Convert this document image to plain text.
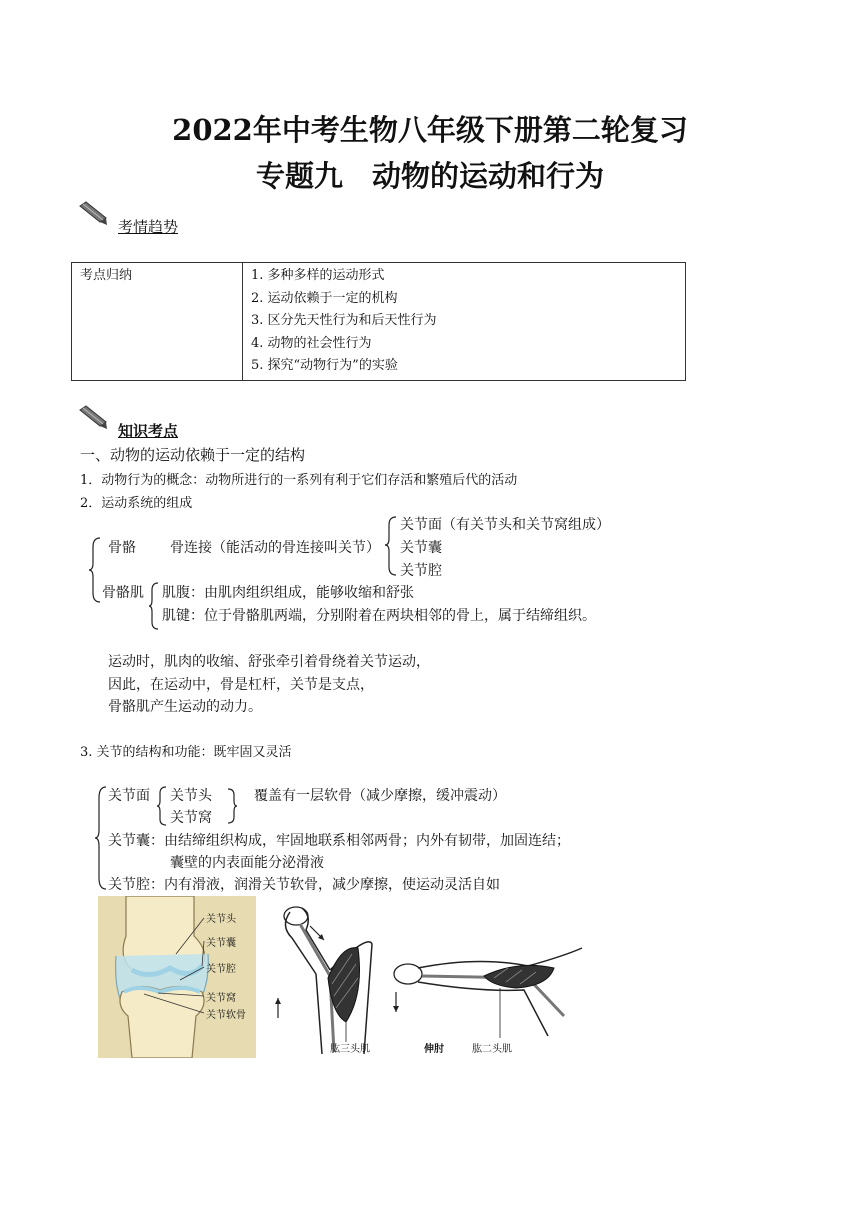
2022年中考生物八年级下册第二轮复习
专题九　动物的运动和行为
考情趋势
考点归纳	1. 多种多样的运动形式
2. 运动依赖于一定的机构
3. 区分先天性行为和后天性行为
4. 动物的社会性行为
5. 探究“动物行为”的实验
知识考点
一、动物的运动依赖于一定的结构
1．动物行为的概念：动物所进行的一系列有利于它们存活和繁殖后代的活动
2．运动系统的组成
骨骼 骨连接（能活动的骨连接叫关节）
关节面（有关节头和关节窝组成）
关节囊
关节腔
骨骼肌 肌腹：由肌肉组织组成，能够收缩和舒张
肌键：位于骨骼肌两端，分别附着在两块相邻的骨上，属于结缔组织。
运动时，肌肉的收缩、舒张牵引着骨绕着关节运动，
因此，在运动中，骨是杠杆，关节是支点，
骨骼肌产生运动的动力。
3. 关节的结构和功能：既牢固又灵活
关节面 关节头
关节窝
覆盖有一层软骨（减少摩擦，缓冲震动）
关节囊：由结缔组织构成，牢固地联系相邻两骨；内外有韧带，加固连结；
囊壁的内表面能分泌滑液
关节腔：内有滑液，润滑关节软骨，减少摩擦，使运动灵活自如
关节头
关节囊
关节腔
关节窝
关节软骨
肱三头肌	伸肘	肱二头肌
